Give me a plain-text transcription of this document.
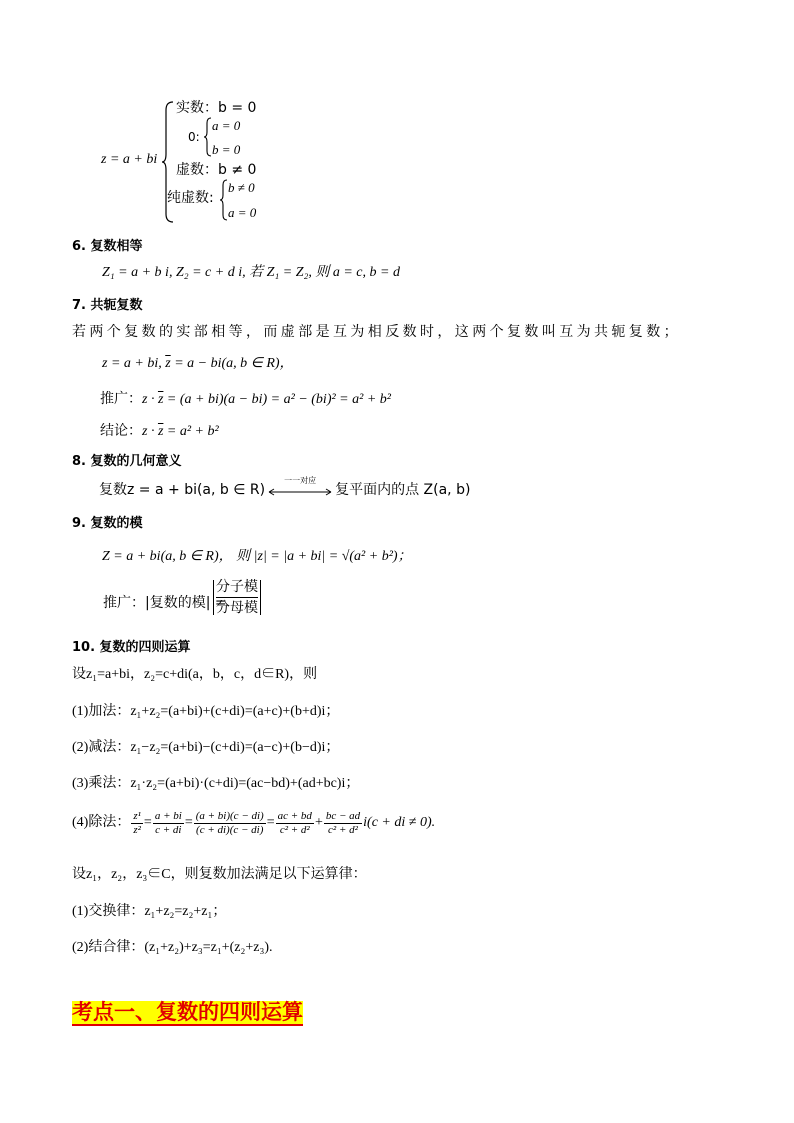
z = a + bi
实数：b = 0
0:
a = 0
b = 0
虚数：b ≠ 0
纯虚数:
b ≠ 0
a = 0
6. 复数相等
Z₁ = a + b i, Z₂ = c + d i, 若 Z₁ = Z₂, 则 a = c, b = d
7. 共轭复数
若两个复数的实部相等，而虚部是互为相反数时，这两个复数叫互为共轭复数；
z = a + bi, $\overline{z} = a - bi(a$, b ∈ R)，
推广：$z \cdot \overline{z} = (a + bi)(a - bi) = a^2 - (bi)^2 = a^2 + b^2$
结论：$z \cdot \overline{z} = a^2 + b^2$
8. 复数的几何意义
复数z = a + bi(a, b ∈ R)
一一对应
复平面内的点 Z(a, b)
9. 复数的模
Z = a + bi(a, b ∈ R)， 则 |z| = |a + bi| = √(a² + b²)；
推广：|复数的模| =
分子模
分母模
10. 复数的四则运算
设z₁=a+bi，z₂=c+di(a，b，c，d∈R)，则
(1)加法：z₁+z₂=(a+bi)+(c+di)=(a+c)+(b+d)i；
(2)减法：z₁−z₂=(a+bi)−(c+di)=(a−c)+(b−d)i；
(3)乘法：z₁·z₂=(a+bi)·(c+di)=(ac−bd)+(ad+bc)i；
(4)除法： $\frac{\text{z¹}}{\text{z²}} = \frac{a + bi}{c + di} = \frac{(a + bi)(c - di)}{(c + di)(c - di)} = \frac{ac + bd}{\text{c² + d²}} + \frac{bc - ad}{\text{c² + d²}} i(c$ + di ≠ 0).
设z₁，z₂，z₃∈C，则复数加法满足以下运算律：
(1)交换律：z₁+z₂=z₂+z₁；
(2)结合律：(z₁+z₂)+z₃=z₁+(z₂+z₃).
考点一、复数的四则运算
